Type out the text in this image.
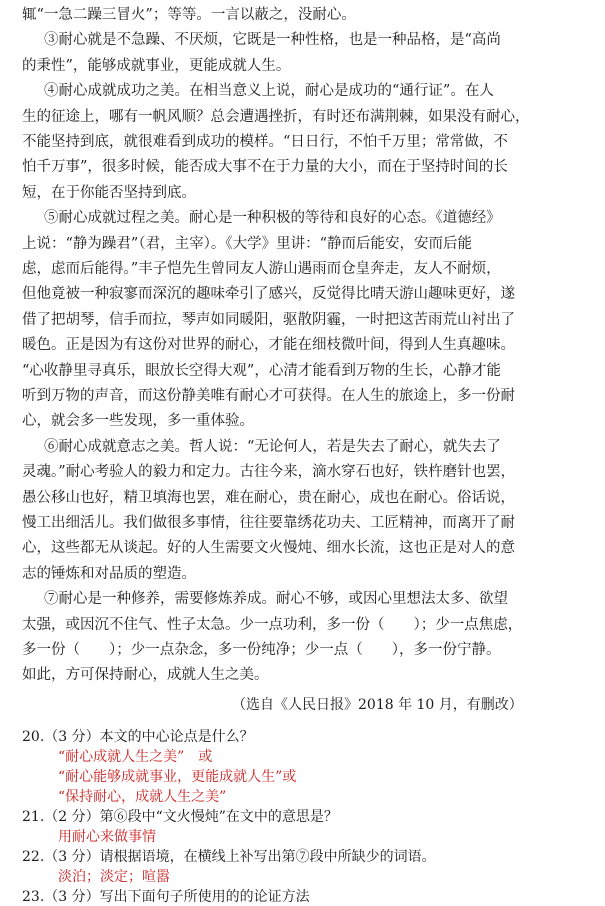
辄“一急二躁三冒火”；等等。一言以蔽之，没耐心。
③耐心就是不急躁、不厌烦，它既是一种性格，也是一种品格，是“高尚
的秉性”，能够成就事业，更能成就人生。
④耐心成就成功之美。在相当意义上说，耐心是成功的“通行证”。在人
生的征途上，哪有一帆风顺？总会遭遇挫折，有时还布满荆棘，如果没有耐心，
不能坚持到底，就很难看到成功的模样。“日日行，不怕千万里；常常做，不
怕千万事”，很多时候，能否成大事不在于力量的大小，而在于坚持时间的长
短，在于你能否坚持到底。
⑤耐心成就过程之美。耐心是一种积极的等待和良好的心态。《道德经》
上说：“静为躁君”（君，主宰）。《大学》里讲：“静而后能安，安而后能
虑，虑而后能得。”丰子恺先生曾同友人游山遇雨而仓皇奔走，友人不耐烦，
但他竟被一种寂寥而深沉的趣味牵引了感兴，反觉得比晴天游山趣味更好，遂
借了把胡琴，信手而拉，琴声如同暖阳，驱散阴霾，一时把这苦雨荒山衬出了
暖色。正是因为有这份对世界的耐心，才能在细枝微叶间，得到人生真趣味。
“心收静里寻真乐，眼放长空得大观”，心清才能看到万物的生长，心静才能
听到万物的声音，而这份静美唯有耐心才可获得。在人生的旅途上，多一份耐
心，就会多一些发现，多一重体验。
⑥耐心成就意志之美。哲人说：“无论何人，若是失去了耐心，就失去了
灵魂。”耐心考验人的毅力和定力。古往今来，滴水穿石也好，铁杵磨针也罢，
愚公移山也好，精卫填海也罢，难在耐心，贵在耐心，成也在耐心。俗话说，
慢工出细活儿。我们做很多事情，往往要靠绣花功夫、工匠精神，而离开了耐
心，这些都无从谈起。好的人生需要文火慢炖、细水长流，这也正是对人的意
志的锤炼和对品质的塑造。
⑦耐心是一种修养，需要修炼养成。耐心不够，或因心里想法太多、欲望
太强，或因沉不住气、性子太急。少一点功利，多一份（　　）；少一点焦虑，
多一份（　　）；少一点杂念，多一份纯净；少一点（　　），多一份宁静。
如此，方可保持耐心，成就人生之美。
（选自《人民日报》2018 年 10 月，有删改）
20.（3 分）本文的中心论点是什么？
“耐心成就人生之美”　或
“耐心能够成就事业，更能成就人生”或
“保持耐心，成就人生之美”
21.（2 分）第⑥段中“文火慢炖”在文中的意思是？
用耐心来做事情
22.（3 分）请根据语境，在横线上补写出第⑦段中所缺少的词语。
淡泊；淡定；喧嚣
23.（3 分）写出下面句子所使用的的论证方法
